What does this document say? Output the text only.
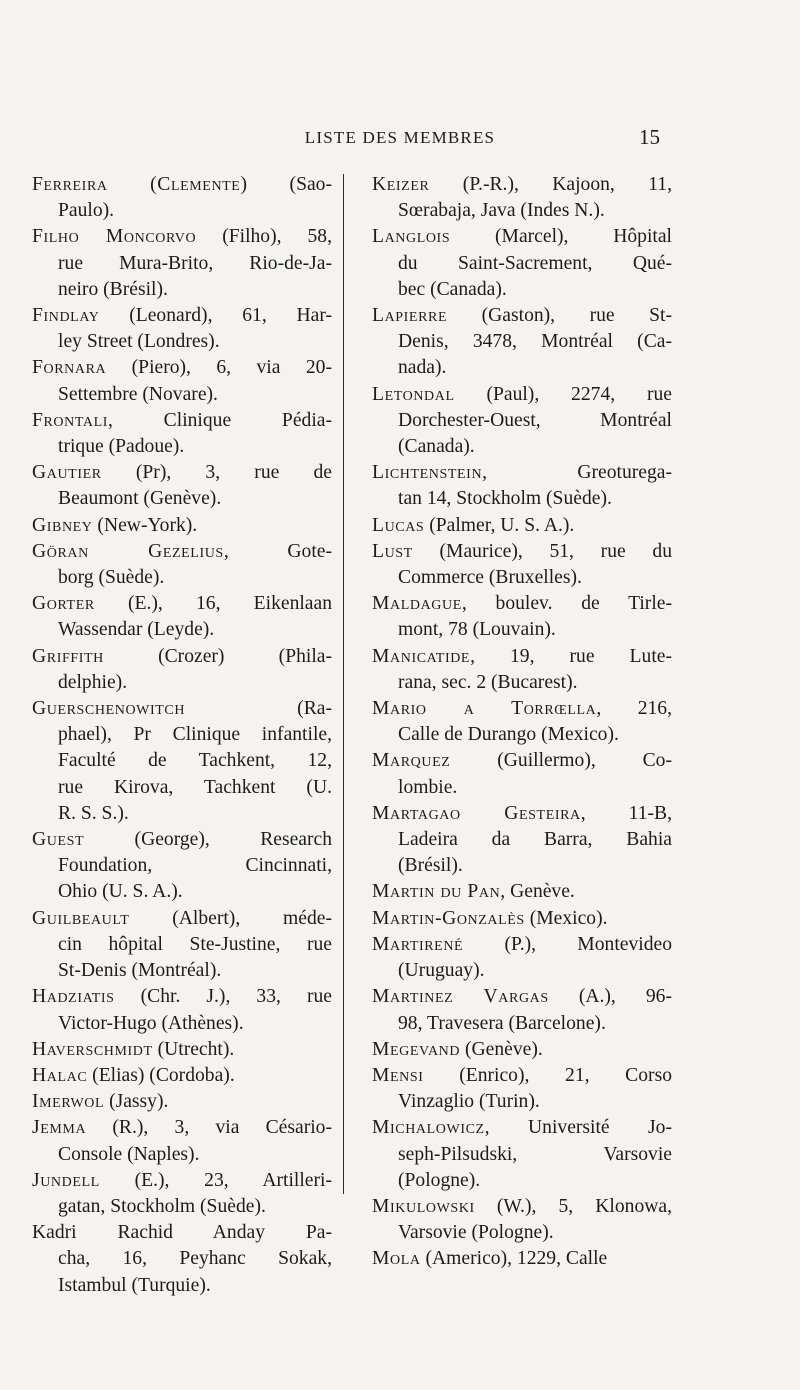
LISTE DES MEMBRES	15
Ferreira (Clemente) (Sao-
Paulo).
Filho Moncorvo (Filho), 58,
rue Mura-Brito, Rio-de-Ja-
neiro (Brésil).
Findlay (Leonard), 61, Har-
ley Street (Londres).
Fornara (Piero), 6, via 20-
Settembre (Novare).
Frontali, Clinique Pédia-
trique (Padoue).
Gautier (Pr), 3, rue de
Beaumont (Genève).
Gibney (New-York).
Göran Gezelius, Gote-
borg (Suède).
Gorter (E.), 16, Eikenlaan
Wassendar (Leyde).
Griffith (Crozer) (Phila-
delphie).
Guerschenowitch (Ra-
phael), Pr Clinique infantile,
Faculté de Tachkent, 12,
rue Kirova, Tachkent (U.
R. S. S.).
Guest (George), Research
Foundation, Cincinnati,
Ohio (U. S. A.).
Guilbeault (Albert), méde-
cin hôpital Ste-Justine, rue
St-Denis (Montréal).
Hadziatis (Chr. J.), 33, rue
Victor-Hugo (Athènes).
Haverschmidt (Utrecht).
Halac (Elias) (Cordoba).
Imerwol (Jassy).
Jemma (R.), 3, via Césario-
Console (Naples).
Jundell (E.), 23, Artilleri-
gatan, Stockholm (Suède).
Kadri Rachid Anday Pa-
cha, 16, Peyhanc Sokak,
Istambul (Turquie).
Keizer (P.-R.), Kajoon, 11,
Sœrabaja, Java (Indes N.).
Langlois (Marcel), Hôpital
du Saint-Sacrement, Qué-
bec (Canada).
Lapierre (Gaston), rue St-
Denis, 3478, Montréal (Ca-
nada).
Letondal (Paul), 2274, rue
Dorchester-Ouest, Montréal
(Canada).
Lichtenstein, Greoturega-
tan 14, Stockholm (Suède).
Lucas (Palmer, U. S. A.).
Lust (Maurice), 51, rue du
Commerce (Bruxelles).
Maldague, boulev. de Tirle-
mont, 78 (Louvain).
Manicatide, 19, rue Lute-
rana, sec. 2 (Bucarest).
Mario a Torrœlla, 216,
Calle de Durango (Mexico).
Marquez (Guillermo), Co-
lombie.
Martagao Gesteira, 11-B,
Ladeira da Barra, Bahia
(Brésil).
Martin du Pan, Genève.
Martin-Gonzalès (Mexico).
Martirené (P.), Montevideo
(Uruguay).
Martinez Vargas (A.), 96-
98, Travesera (Barcelone).
Megevand (Genève).
Mensi (Enrico), 21, Corso
Vinzaglio (Turin).
Michalowicz, Université Jo-
seph-Pilsudski, Varsovie
(Pologne).
Mikulowski (W.), 5, Klonowa,
Varsovie (Pologne).
Mola (Americo), 1229, Calle
